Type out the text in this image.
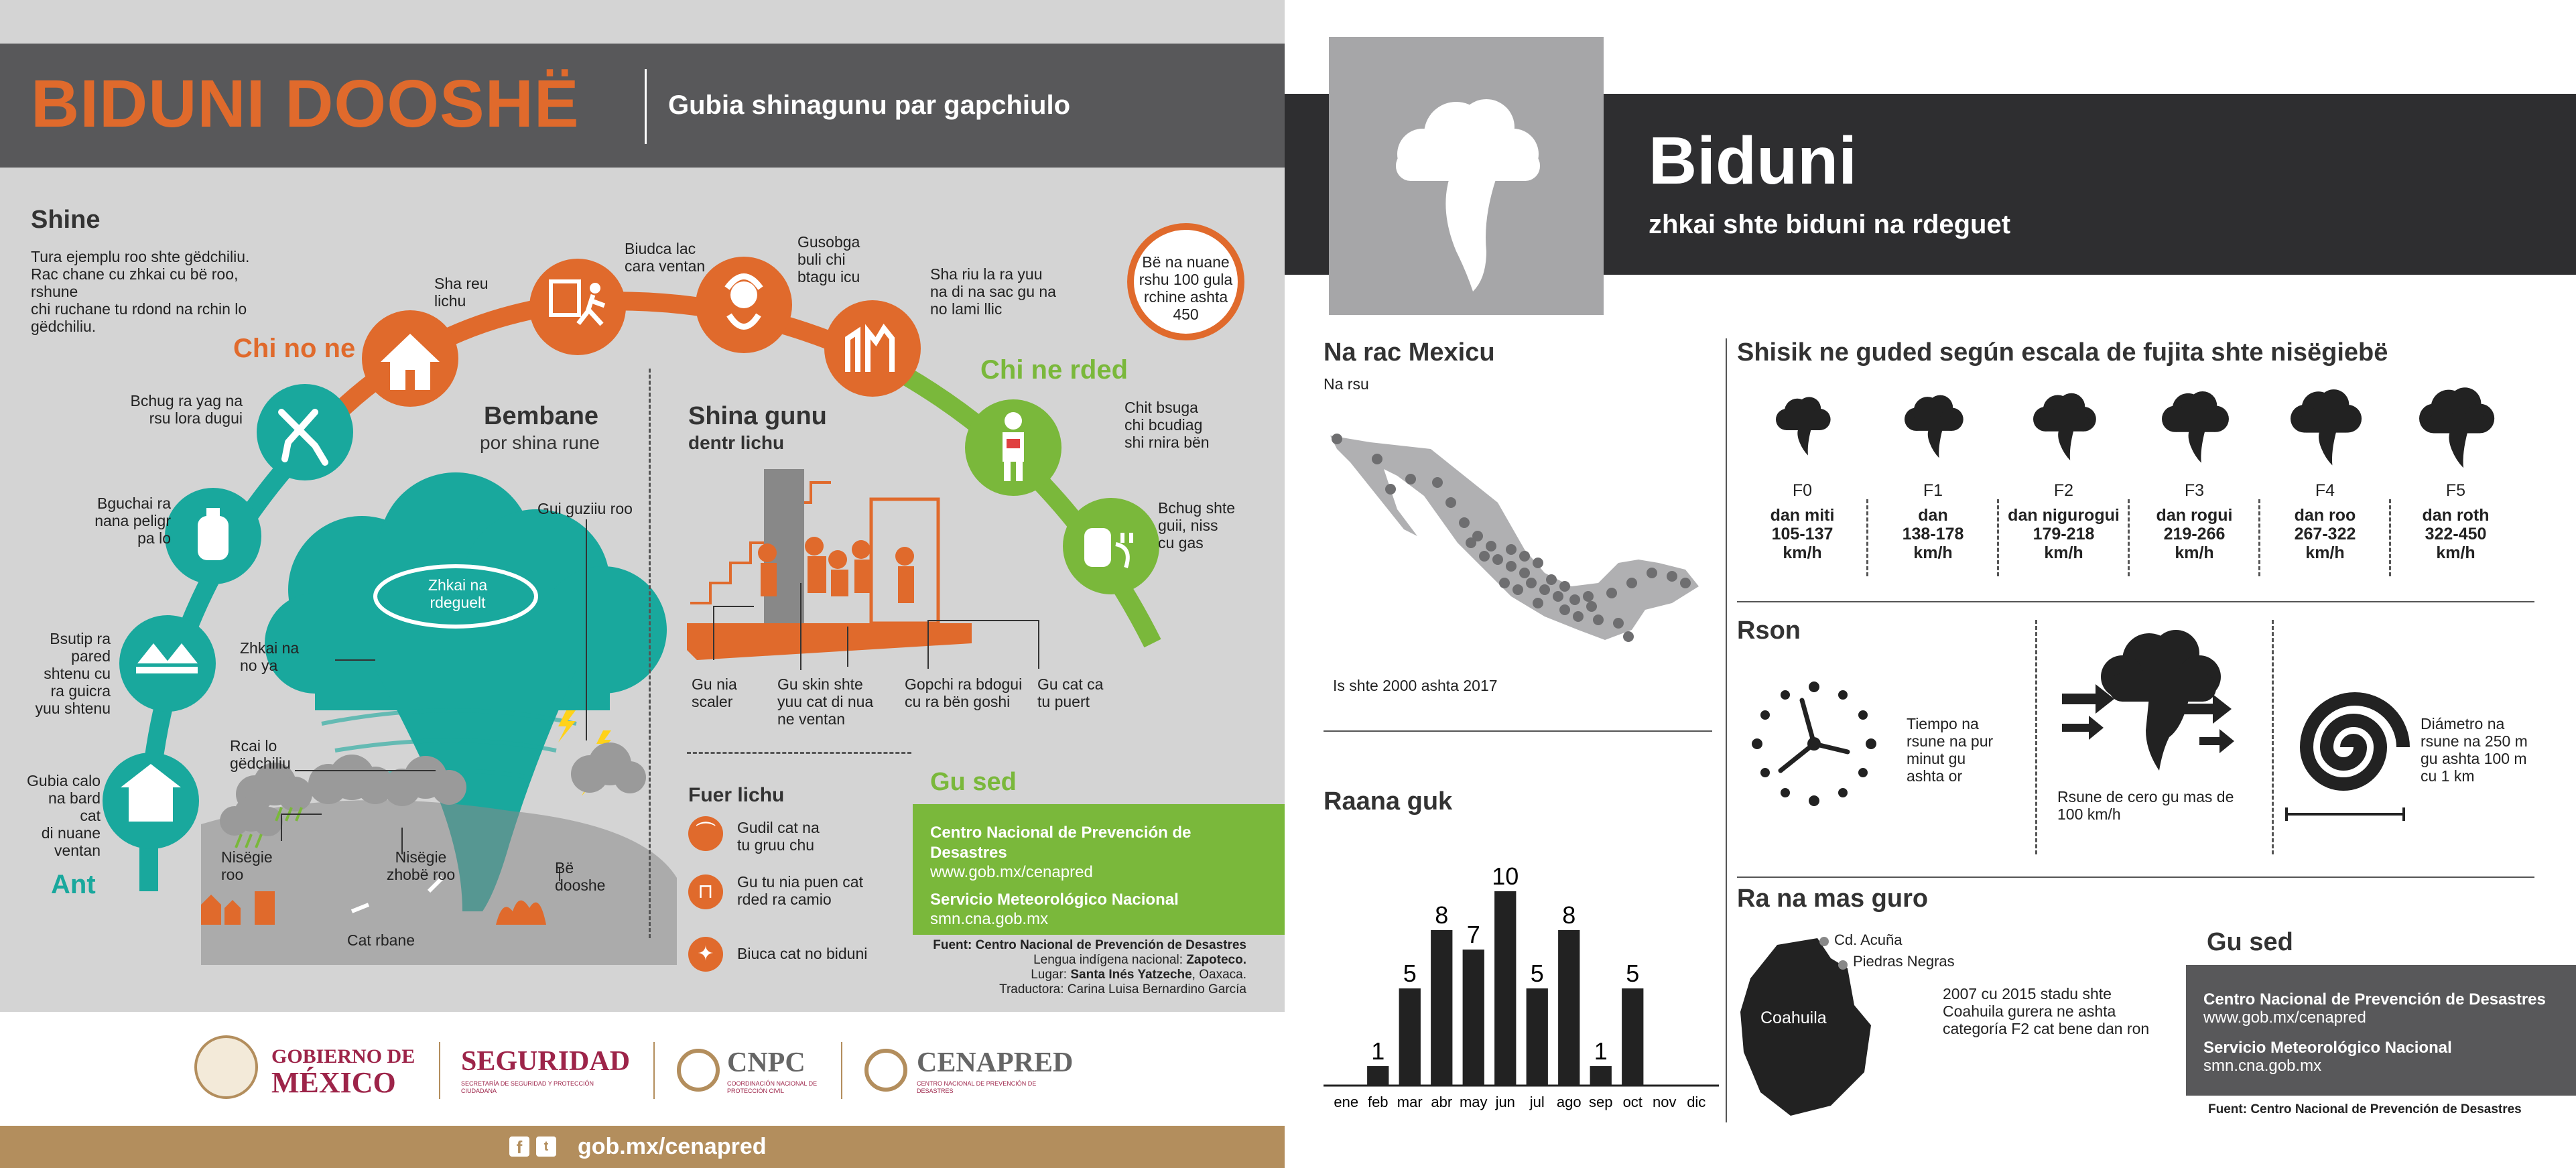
BIDUNI DOOSHË	Gubia shinagunu par gapchiulo
Shine
Tura ejemplu roo shte gëdchiliu.
Rac chane cu zhkai cu bë roo, rshune
chi ruchane tu rdond na rchin lo
gëdchiliu.
Ant
Chi no ne
Chi ne rded
Gubia calo
na bard cat
di nuane
ventan
Bsutip ra
pared
shtenu cu
ra guicra
yuu shtenu
Bguchai ra
nana peligr
pa lo
Bchug ra yag na
rsu lora dugui
Sha reu
lichu
Biudca lac
cara ventan
Gusobga
buli chi
btagu icu	Sha riu la ra yuu
na di na sac gu na
no lami llic
Chit bsuga
chi bcudiag
shi rnira bën
Bchug shte
guii, niss
cu gas
Bë na nuane
rshu 100 gula
rchine ashta
450
Bembane
por shina rune
Gui guziiu roo
Zhkai na
rdeguelt
Zhkai na
no ya
Rcai lo
gëdchiliu
Nisëgie
roo
Nisëgie
zhobë roo	Bë
dooshe
Cat rbane
Shina gunu
dentr lichu
Gu nia
scaler
Gu skin shte
yuu cat di nua
ne ventan
Gopchi ra bdogui
cu ra bën goshi
Gu cat ca
tu puert
Fuer lichu
⏜	Gudil cat na
tu gruu chu
⊓	Gu tu nia puen cat
rded ra camio
✦	Biuca cat no biduni
Gu sed
Centro Nacional de Prevención de Desastres
www.gob.mx/cenapred
Servicio Meteorológico Nacional
smn.cna.gob.mx
Fuent: Centro Nacional de Prevención de Desastres
Lengua indígena nacional: Zapoteco.
Lugar: Santa Inés Yatzeche, Oaxaca.
Traductora: Carina Luisa Bernardino García
GOBIERNO DE
MÉXICO
SEGURIDAD
SECRETARÍA DE SEGURIDAD Y PROTECCIÓN CIUDADANA
CNPC
COORDINACIÓN NACIONAL DE PROTECCIÓN CIVIL
CENAPRED
CENTRO NACIONAL DE PREVENCIÓN DE DESASTRES
f	t	gob.mx/cenapred
Biduni
zhkai shte biduni na rdeguet
Na rac Mexicu
Na rsu
Is shte 2000 ashta 2017
Shisik ne guded según escala de fujita shte nisëgiebë
F0
dan miti
105-137
km/h
F1
dan
138-178
km/h
F2
dan nigurogui
179-218
km/h
F3
dan rogui
219-266
km/h
F4
dan roo
267-322
km/h
F5
dan roth
322-450
km/h
Rson
Tiempo na
rsune na pur
minut gu
ashta or
Rsune de cero gu mas de
100 km/h
Diámetro na
rsune na 250 m
gu ashta 100 m
cu 1 km
Raana guk
ene
1
feb
5
mar
8
abr
7
may
10
jun
5
jul
8
ago
1
sep
5
oct nov dic
Ra na mas guro
Cd. Acuña
Piedras Negras
Coahuila
2007 cu 2015 stadu shte
Coahuila gurera ne ashta
categoría F2 cat bene dan ron
Gu sed
Centro Nacional de Prevención de Desastres
www.gob.mx/cenapred
Servicio Meteorológico Nacional
smn.cna.gob.mx
Fuent: Centro Nacional de Prevención de Desastres
